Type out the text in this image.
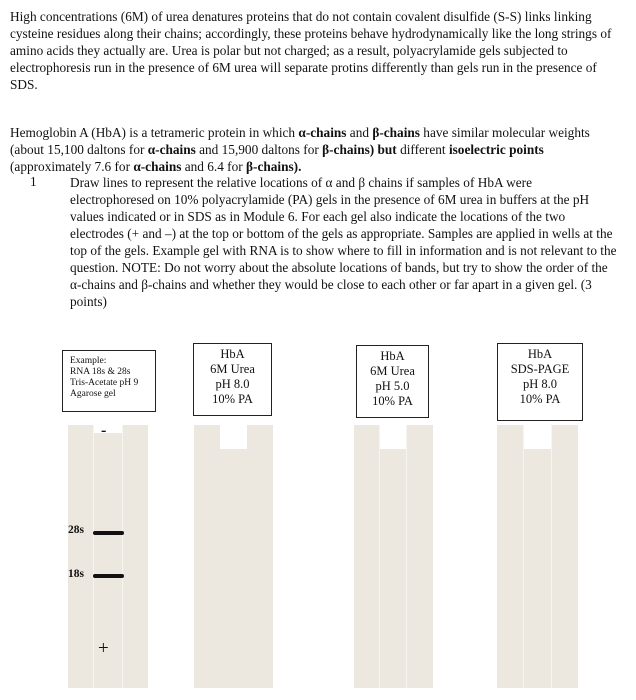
High concentrations (6M) of urea denatures proteins that do not contain covalent disulfide (S-S) links linking cysteine residues along their chains; accordingly, these proteins behave hydrodynamically like the long strings of amino acids they actually are. Urea is polar but not charged; as a result, polyacrylamide gels subjected to electrophoresis run in the presence of 6M urea will separate protins differently than gels run in the presence of SDS.

Hemoglobin A (HbA) is a tetrameric protein in which α-chains and β-chains have similar molecular weights (about 15,100 daltons for α-chains and 15,900 daltons for β-chains) but different isoelectric points (approximately 7.6 for α-chains and 6.4 for β-chains).

1	Draw lines to represent the relative locations of α and β chains if samples of HbA were electrophoresed on 10% polyacrylamide (PA) gels in the presence of 6M urea in buffers at the pH values indicated or in SDS as in Module 6. For each gel also indicate the locations of the two electrodes (+ and –) at the top or bottom of the gels as appropriate. Samples are applied in wells at the top of the gels. Example gel with RNA is to show where to fill in information and is not relevant to the question. NOTE: Do not worry about the absolute locations of bands, but try to show the order of the α-chains and β-chains and whether they would be close to each other or far apart in a given gel. (3 points)

Example:
RNA 18s & 28s
Tris-Acetate pH 9
Agarose gel
HbA
6M Urea
pH 8.0
10% PA
HbA
6M Urea
pH 5.0
10% PA
HbA
SDS-PAGE
pH 8.0
10% PA
-
28s
18s
+
